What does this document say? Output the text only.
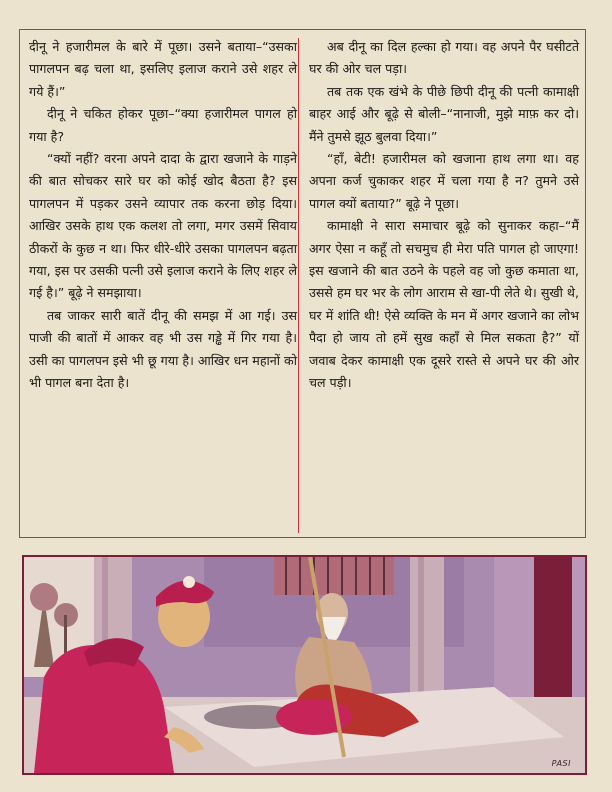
दीनू ने हजारीमल के बारे में पूछा। उसने बताया–“उसका पागलपन बढ़ चला था, इसलिए इलाज कराने उसे शहर ले गये हैं।”

दीनू ने चकित होकर पूछा–“क्या हजारीमल पागल हो गया है?

“क्यों नहीं? वरना अपने दादा के द्वारा खजाने के गाड़ने की बात सोचकर सारे घर को कोई खोद बैठता है? इस पागलपन में पड़कर उसने व्यापार तक करना छोड़ दिया। आखिर उसके हाथ एक कलश तो लगा, मगर उसमें सिवाय ठीकरों के कुछ न था। फिर धीरे-धीरे उसका पागलपन बढ़ता गया, इस पर उसकी पत्नी उसे इलाज कराने के लिए शहर ले गई है।” बूढ़े ने समझाया।

तब जाकर सारी बातें दीनू की समझ में आ गई। उस पाजी की बातों में आकर वह भी उस गड्ढे में गिर गया है। उसी का पागलपन इसे भी छू गया है। आखिर धन महानों को भी पागल बना देता है।

अब दीनू का दिल हल्का हो गया। वह अपने पैर घसीटते घर की ओर चल पड़ा।

तब तक एक खंभे के पीछे छिपी दीनू की पत्नी कामाक्षी बाहर आई और बूढ़े से बोली–“नानाजी, मुझे माफ़ कर दो। मैंने तुमसे झूठ बुलवा दिया।”

“हाँ, बेटी! हजारीमल को खजाना हाथ लगा था। वह अपना कर्ज चुकाकर शहर में चला गया है न? तुमने उसे पागल क्यों बताया?” बूढ़े ने पूछा।

कामाक्षी ने सारा समाचार बूढ़े को सुनाकर कहा–“मैं अगर ऐसा न कहूँ तो सचमुच ही मेरा पति पागल हो जाएगा! इस खजाने की बात उठने के पहले वह जो कुछ कमाता था, उससे हम घर भर के लोग आराम से खा-पी लेते थे। सुखी थे, घर में शांति थी! ऐसे व्यक्ति के मन में अगर खजाने का लोभ पैदा हो जाय तो हमें सुख कहाँ से मिल सकता है?” यों जवाब देकर कामाक्षी एक दूसरे रास्ते से अपने घर की ओर चल पड़ी।

PASI
